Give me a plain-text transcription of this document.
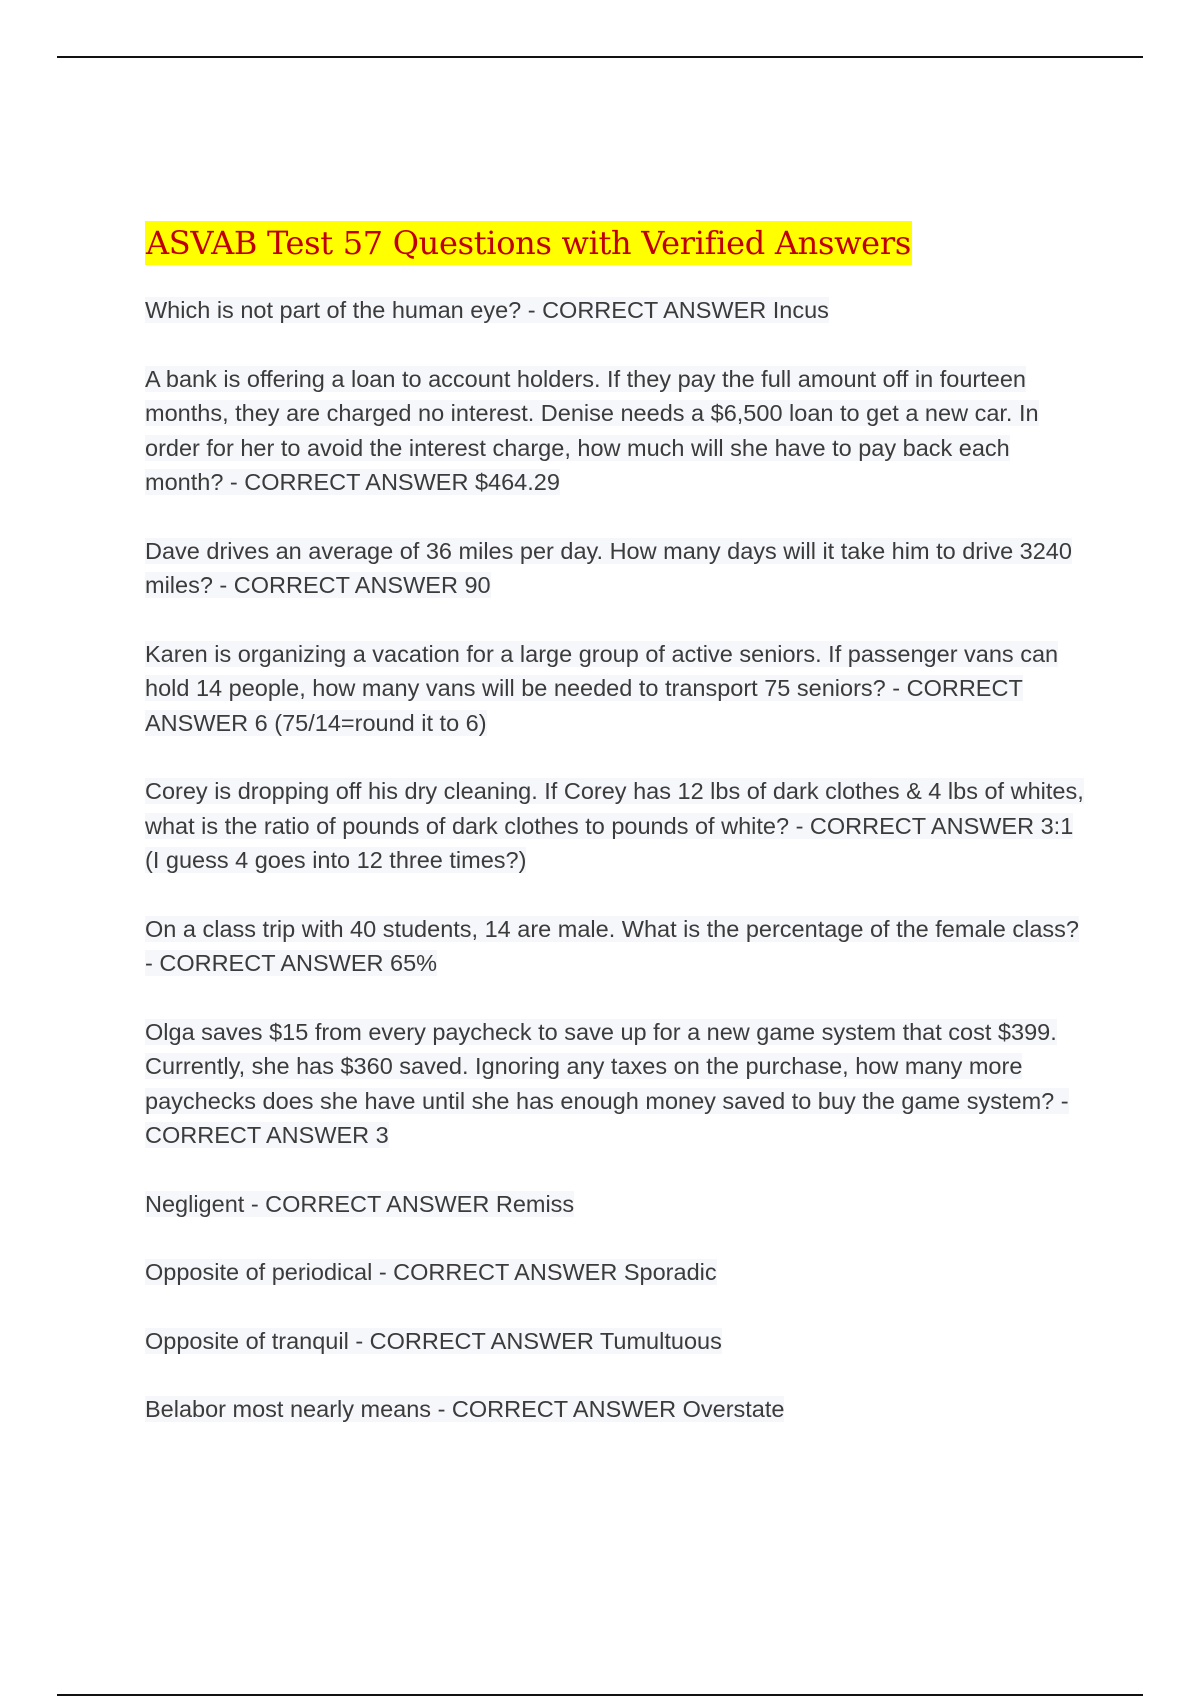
ASVAB Test 57 Questions with Verified Answers
Which is not part of the human eye? - CORRECT ANSWER Incus
A bank is offering a loan to account holders. If they pay the full amount off in fourteen months, they are charged no interest. Denise needs a $6,500 loan to get a new car. In order for her to avoid the interest charge, how much will she have to pay back each month? - CORRECT ANSWER $464.29
Dave drives an average of 36 miles per day. How many days will it take him to drive 3240 miles? - CORRECT ANSWER 90
Karen is organizing a vacation for a large group of active seniors. If passenger vans can hold 14 people, how many vans will be needed to transport 75 seniors? - CORRECT ANSWER 6 (75/14=round it to 6)
Corey is dropping off his dry cleaning. If Corey has 12 lbs of dark clothes & 4 lbs of whites, what is the ratio of pounds of dark clothes to pounds of white? - CORRECT ANSWER 3:1 (I guess 4 goes into 12 three times?)
On a class trip with 40 students, 14 are male. What is the percentage of the female class? - CORRECT ANSWER 65%
Olga saves $15 from every paycheck to save up for a new game system that cost $399. Currently, she has $360 saved. Ignoring any taxes on the purchase, how many more paychecks does she have until she has enough money saved to buy the game system? - CORRECT ANSWER 3
Negligent - CORRECT ANSWER Remiss
Opposite of periodical - CORRECT ANSWER Sporadic
Opposite of tranquil - CORRECT ANSWER Tumultuous
Belabor most nearly means - CORRECT ANSWER Overstate
